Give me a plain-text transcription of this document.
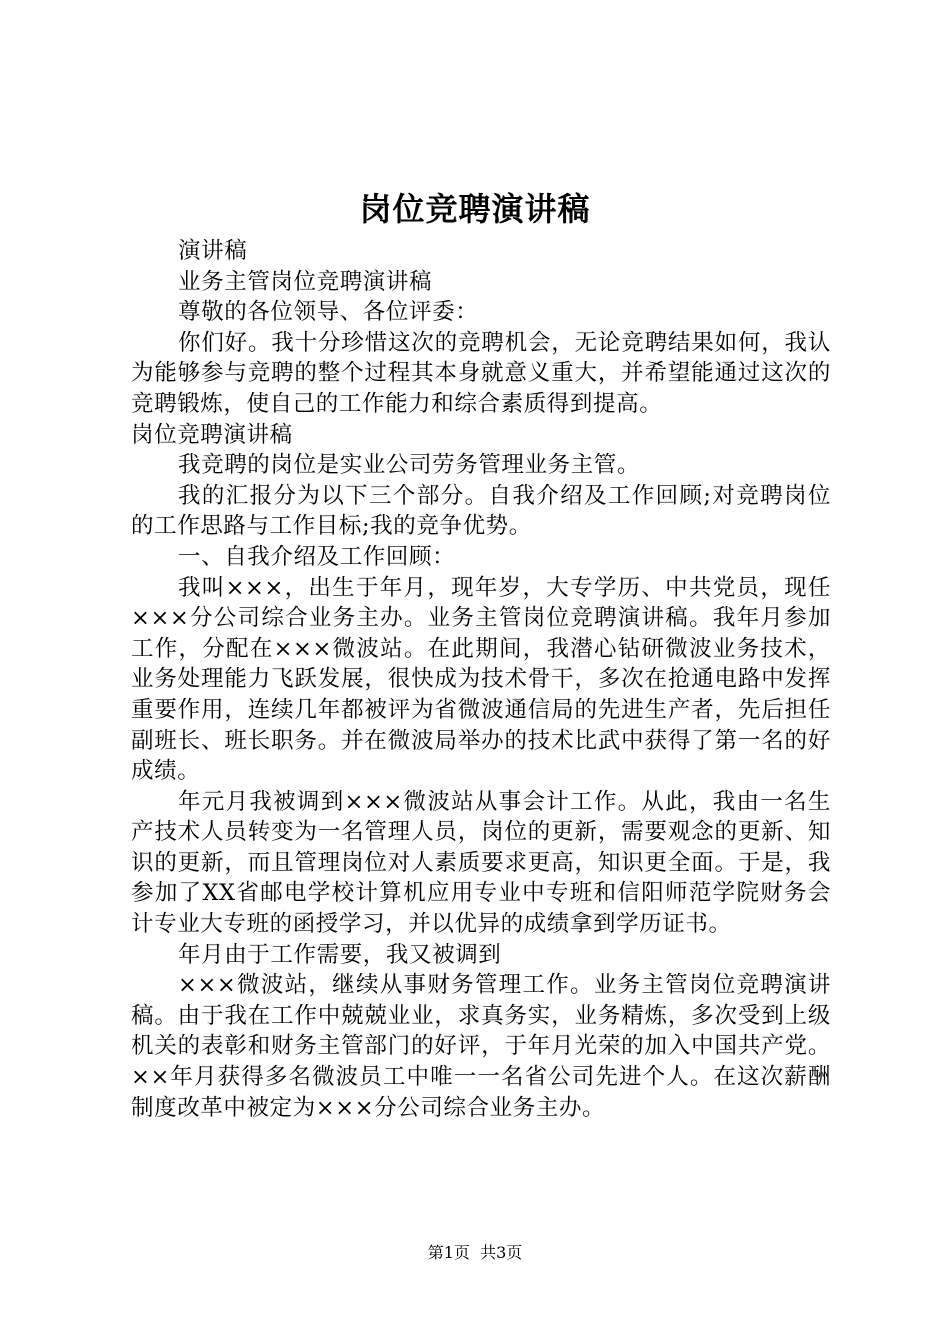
岗位竞聘演讲稿

演讲稿

业务主管岗位竞聘演讲稿

尊敬的各位领导、各位评委：

你们好。我十分珍惜这次的竞聘机会，无论竞聘结果如何，我认为能够参与竞聘的整个过程其本身就意义重大，并希望能通过这次的竞聘锻炼，使自己的工作能力和综合素质得到提高。

岗位竞聘演讲稿

我竞聘的岗位是实业公司劳务管理业务主管。

我的汇报分为以下三个部分。自我介绍及工作回顾;对竞聘岗位的工作思路与工作目标;我的竞争优势。

一、自我介绍及工作回顾：

我叫×××，出生于年月，现年岁，大专学历、中共党员，现任×××分公司综合业务主办。业务主管岗位竞聘演讲稿。我年月参加工作，分配在×××微波站。在此期间，我潜心钻研微波业务技术，业务处理能力飞跃发展，很快成为技术骨干，多次在抢通电路中发挥重要作用，连续几年都被评为省微波通信局的先进生产者，先后担任副班长、班长职务。并在微波局举办的技术比武中获得了第一名的好成绩。

年元月我被调到×××微波站从事会计工作。从此，我由一名生产技术人员转变为一名管理人员，岗位的更新，需要观念的更新、知识的更新，而且管理岗位对人素质要求更高，知识更全面。于是，我参加了XX省邮电学校计算机应用专业中专班和信阳师范学院财务会计专业大专班的函授学习，并以优异的成绩拿到学历证书。

年月由于工作需要，我又被调到

×××微波站，继续从事财务管理工作。业务主管岗位竞聘演讲稿。由于我在工作中兢兢业业，求真务实，业务精炼，多次受到上级机关的表彰和财务主管部门的好评，于年月光荣的加入中国共产党。××年月获得多名微波员工中唯一一名省公司先进个人。在这次薪酬制度改革中被定为×××分公司综合业务主办。

第1页 共3页
